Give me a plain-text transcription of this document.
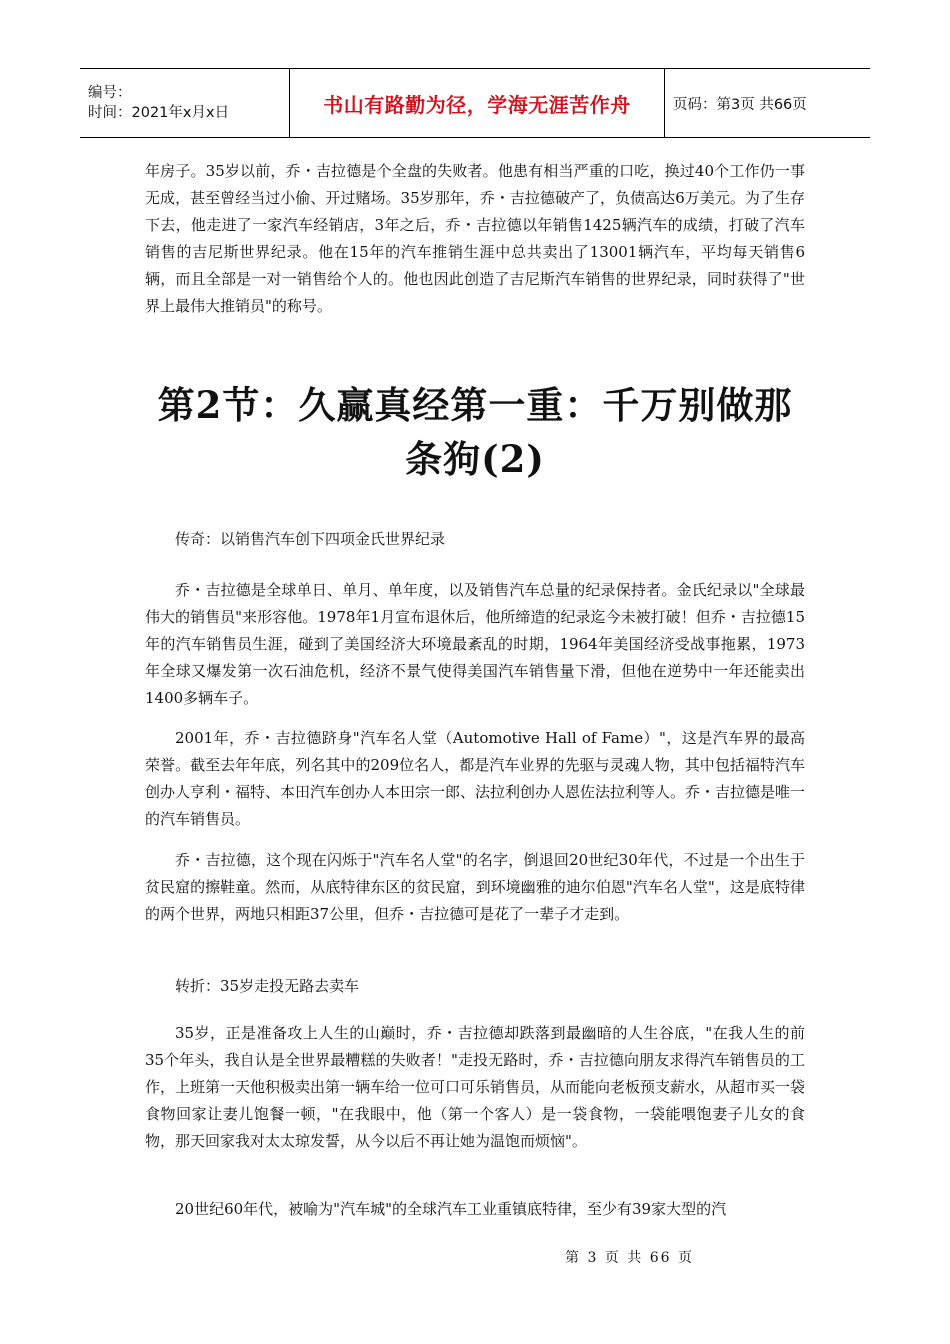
编号：
时间：2021年x月x日	书山有路勤为径，学海无涯苦作舟	页码：第3页 共66页

年房子。35岁以前，乔・吉拉德是个全盘的失败者。他患有相当严重的口吃，换过40个工作仍一事无成，甚至曾经当过小偷、开过赌场。35岁那年，乔・吉拉德破产了，负债高达6万美元。为了生存下去，他走进了一家汽车经销店，3年之后，乔・吉拉德以年销售1425辆汽车的成绩，打破了汽车销售的吉尼斯世界纪录。他在15年的汽车推销生涯中总共卖出了13001辆汽车，平均每天销售6辆，而且全部是一对一销售给个人的。他也因此创造了吉尼斯汽车销售的世界纪录，同时获得了"世界上最伟大推销员"的称号。

第2节：久赢真经第一重：千万别做那
条狗(2)

传奇：以销售汽车创下四项金氏世界纪录

乔・吉拉德是全球单日、单月、单年度，以及销售汽车总量的纪录保持者。金氏纪录以"全球最伟大的销售员"来形容他。1978年1月宣布退休后，他所缔造的纪录迄今未被打破！但乔・吉拉德15年的汽车销售员生涯，碰到了美国经济大环境最紊乱的时期，1964年美国经济受战事拖累，1973年全球又爆发第一次石油危机，经济不景气使得美国汽车销售量下滑，但他在逆势中一年还能卖出1400多辆车子。

2001年，乔・吉拉德跻身"汽车名人堂（Automotive Hall of Fame）"，这是汽车界的最高荣誉。截至去年年底，列名其中的209位名人，都是汽车业界的先驱与灵魂人物，其中包括福特汽车创办人亨利・福特、本田汽车创办人本田宗一郎、法拉利创办人恩佐法拉利等人。乔・吉拉德是唯一的汽车销售员。

乔・吉拉德，这个现在闪烁于"汽车名人堂"的名字，倒退回20世纪30年代，不过是一个出生于贫民窟的擦鞋童。然而，从底特律东区的贫民窟，到环境幽雅的迪尔伯恩"汽车名人堂"，这是底特律的两个世界，两地只相距37公里，但乔・吉拉德可是花了一辈子才走到。

转折：35岁走投无路去卖车

35岁，正是准备攻上人生的山巅时，乔・吉拉德却跌落到最幽暗的人生谷底，"在我人生的前35个年头，我自认是全世界最糟糕的失败者！"走投无路时，乔・吉拉德向朋友求得汽车销售员的工作，上班第一天他积极卖出第一辆车给一位可口可乐销售员，从而能向老板预支薪水，从超市买一袋食物回家让妻儿饱餐一顿，"在我眼中，他（第一个客人）是一袋食物，一袋能喂饱妻子儿女的食物，那天回家我对太太琼发誓，从今以后不再让她为温饱而烦恼"。

20世纪60年代，被喻为"汽车城"的全球汽车工业重镇底特律，至少有39家大型的汽

第 3 页 共 66 页
